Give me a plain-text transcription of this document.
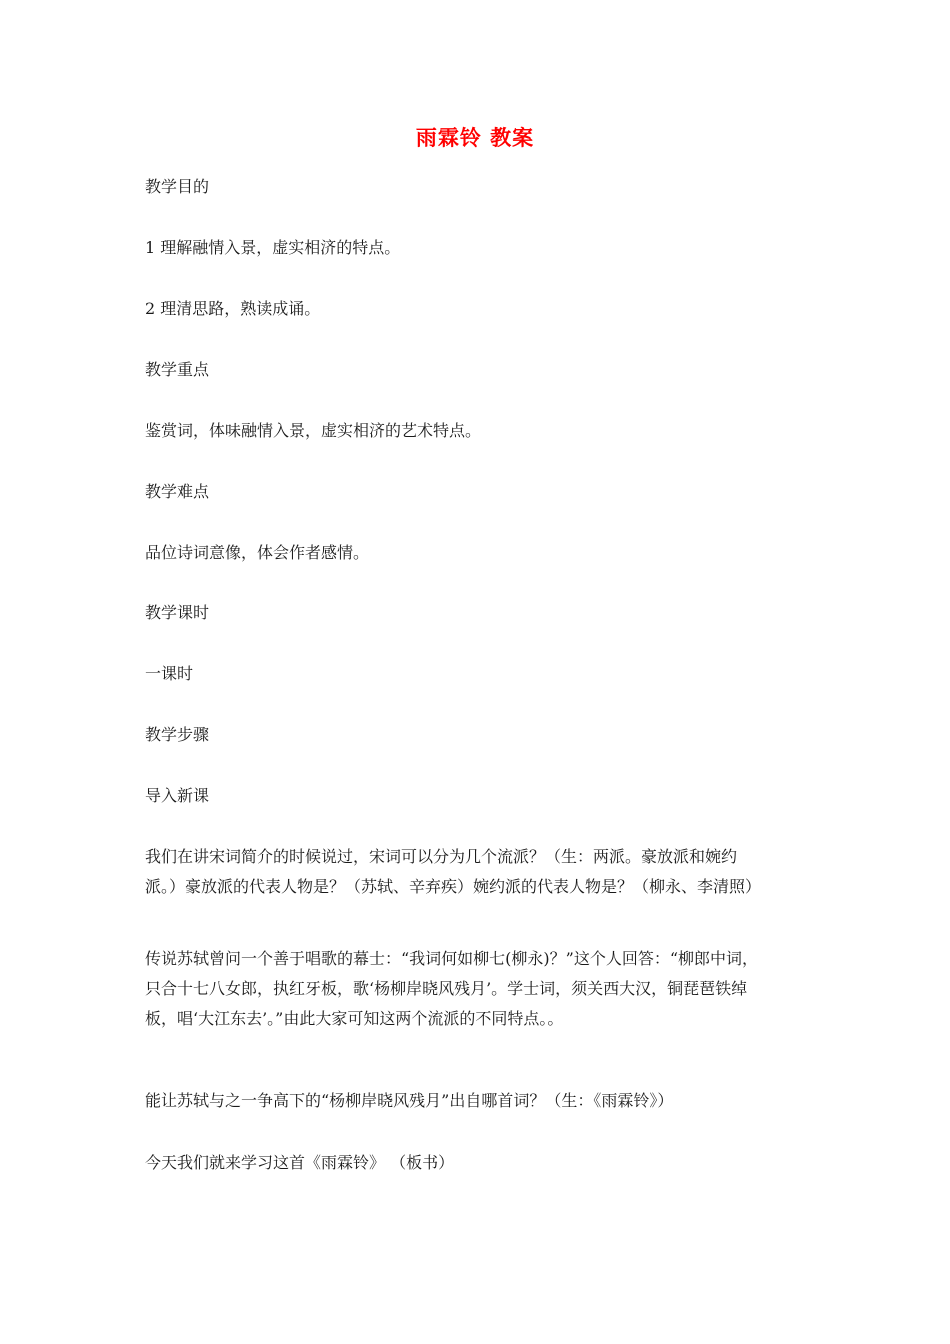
雨霖铃 教案

教学目的

1 理解融情入景，虚实相济的特点。

2 理清思路，熟读成诵。

教学重点

鉴赏词，体味融情入景，虚实相济的艺术特点。

教学难点

品位诗词意像，体会作者感情。

教学课时

一课时

教学步骤

导入新课

我们在讲宋词简介的时候说过，宋词可以分为几个流派？（生：两派。豪放派和婉约
派。）豪放派的代表人物是？（苏轼、辛弃疾）婉约派的代表人物是？（柳永、李清照）
传说苏轼曾问一个善于唱歌的幕士：“我词何如柳七(柳永)？”这个人回答：“柳郎中词，
只合十七八女郎，执红牙板，歌‘杨柳岸晓风残月’。学士词，须关西大汉，铜琵琶铁绰
板，唱‘大江东去’。”由此大家可知这两个流派的不同特点。。

能让苏轼与之一争高下的“杨柳岸晓风残月”出自哪首词？（生：《雨霖铃》）

今天我们就来学习这首《雨霖铃》 （板书）
